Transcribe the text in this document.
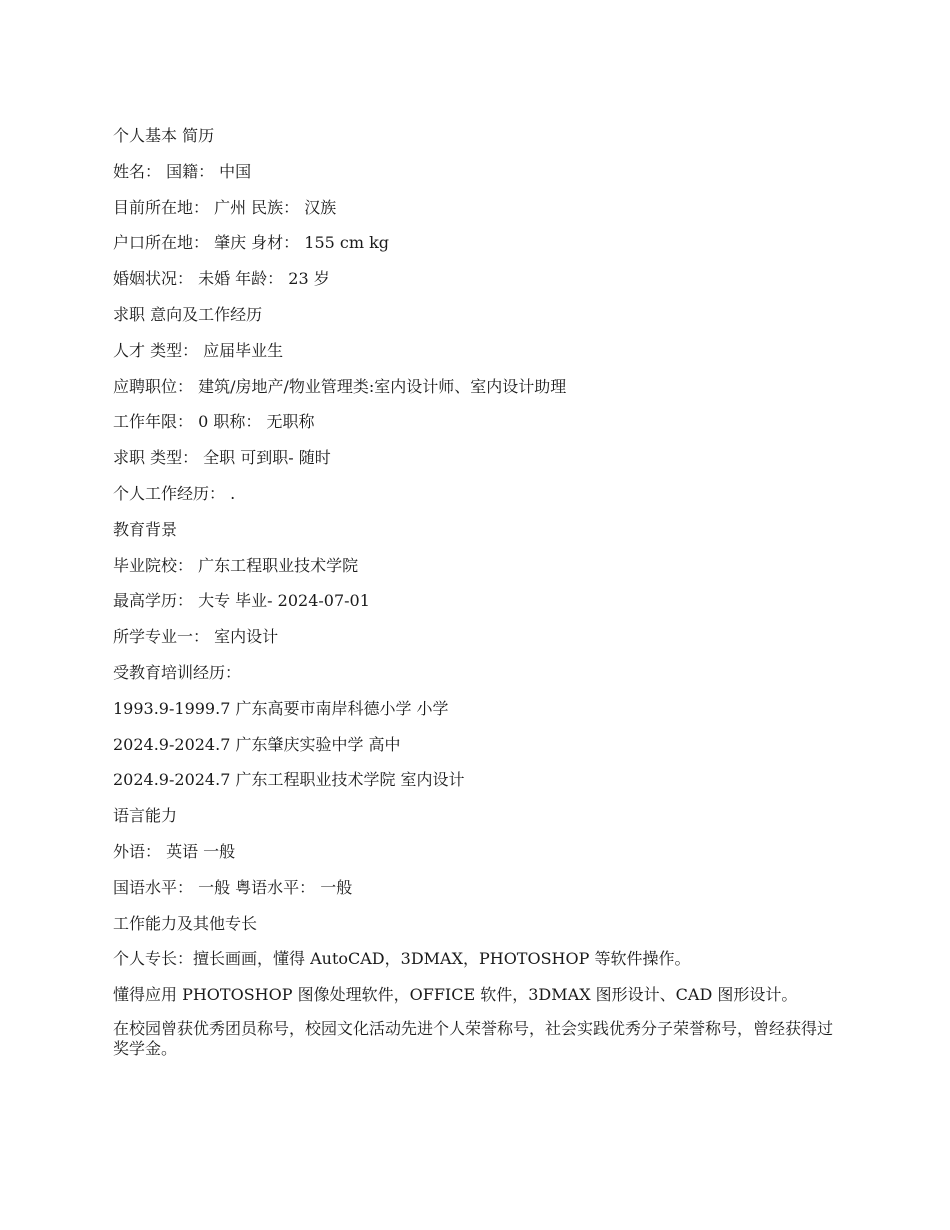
个人基本 简历
姓名： 国籍： 中国
目前所在地： 广州 民族： 汉族
户口所在地： 肇庆 身材： 155 cm kg
婚姻状况： 未婚 年龄： 23 岁
求职 意向及工作经历
人才 类型： 应届毕业生
应聘职位： 建筑/房地产/物业管理类:室内设计师、室内设计助理
工作年限： 0 职称： 无职称
求职 类型： 全职 可到职- 随时
个人工作经历： .
教育背景
毕业院校： 广东工程职业技术学院
最高学历： 大专 毕业- 2024-07-01
所学专业一： 室内设计
受教育培训经历：
1993.9-1999.7 广东高要市南岸科德小学 小学
2024.9-2024.7 广东肇庆实验中学 高中
2024.9-2024.7 广东工程职业技术学院 室内设计
语言能力
外语： 英语 一般
国语水平： 一般 粤语水平： 一般
工作能力及其他专长
个人专长：擅长画画，懂得 AutoCAD，3DMAX，PHOTOSHOP 等软件操作。
懂得应用 PHOTOSHOP 图像处理软件，OFFICE 软件，3DMAX 图形设计、CAD 图形设计。
在校园曾获优秀团员称号，校园文化活动先进个人荣誉称号，社会实践优秀分子荣誉称号，曾经获得过奖学金。
